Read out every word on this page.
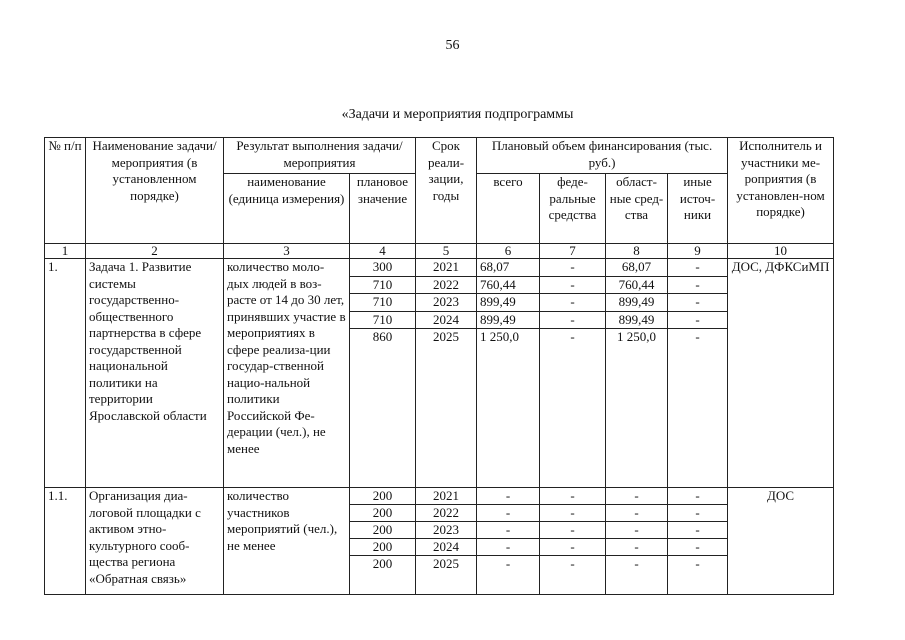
56
«Задачи и мероприятия подпрограммы
№ п/п	Наименование задачи/мероприятия (в установленном порядке)	Результат выполнения задачи/мероприятия		Срок реали-зации, годы	Плановый объем финансирования (тыс. руб.)				Исполнитель и участники ме-роприятия (в установлен-ном порядке)
		наименование (единица измерения)	плановое значение		всего	феде-ральные средства	област-ные сред-ства	иные источ-ники	
1	2	3	4	5	6	7	8	9	10
1.	Задача 1. Развитие системы государственно-общественного партнерства в сфере государственной национальной политики на территории Ярославской области	количество моло-дых людей в воз-расте от 14 до 30 лет, принявших участие в мероприятиях в сфере реализа-ции государ-ственной нацио-нальной политики Российской Фе-дерации (чел.), не менее	300	2021	68,07	-	68,07	-	ДОС, ДФКСиМП
			710	2022	760,44	-	760,44	-	
			710	2023	899,49	-	899,49	-	
			710	2024	899,49	-	899,49	-	
			860	2025	1 250,0	-	1 250,0	-	

1.1.	Организация диа-логовой площадки с активом этно-культурного сооб-щества региона «Обратная связь»	количество участников мероприятий (чел.), не менее	200	2021	-	-	-	-	ДОС
			200	2022	-	-	-	-	
			200	2023	-	-	-	-	
			200	2024	-	-	-	-	
			200	2025	-	-	-	-	
